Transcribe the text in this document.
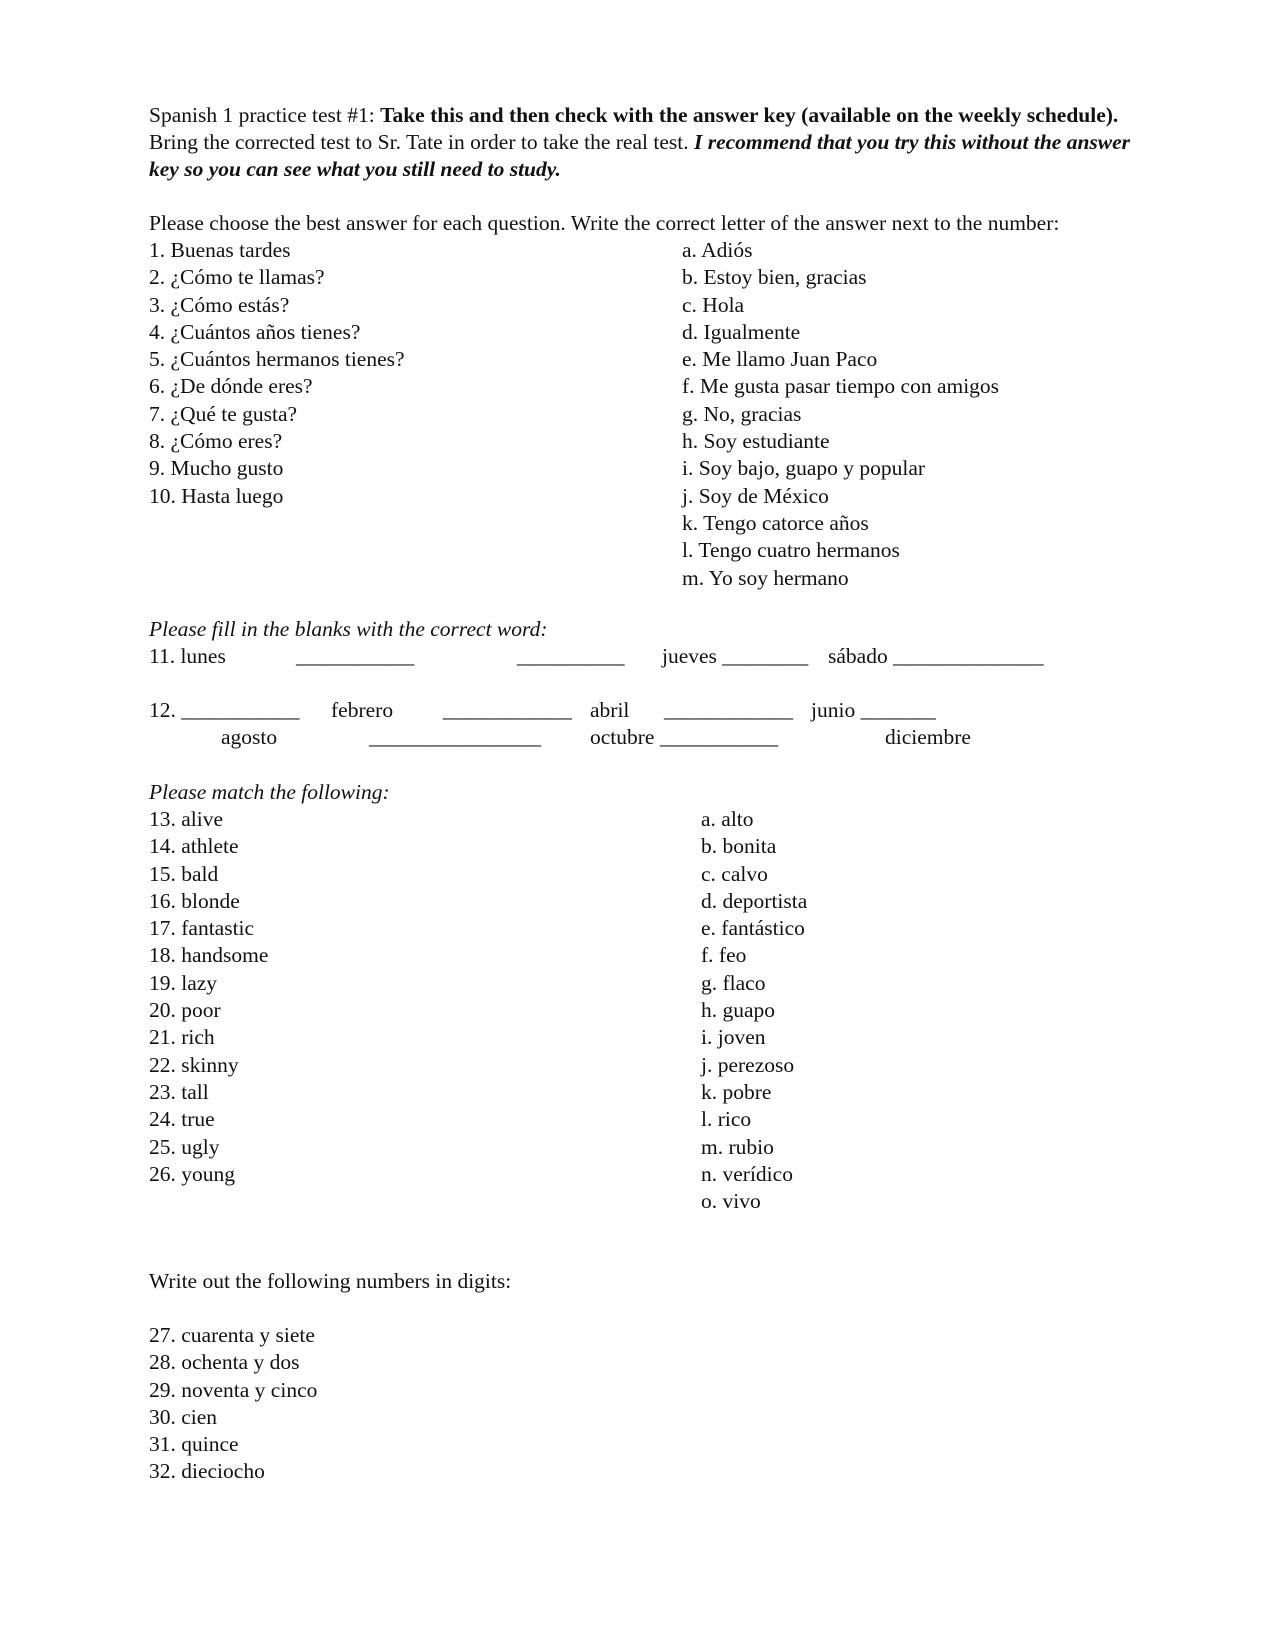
Spanish 1 practice test #1: Take this and then check with the answer key (available on the weekly schedule). Bring the corrected test to Sr. Tate in order to take the real test. I recommend that you try this without the answer key so you can see what you still need to study.
Please choose the best answer for each question. Write the correct letter of the answer next to the number:
1. Buenas tardes
2. ¿Cómo te llamas?
3. ¿Cómo estás?
4. ¿Cuántos años tienes?
5. ¿Cuántos hermanos tienes?
6. ¿De dónde eres?
7. ¿Qué te gusta?
8. ¿Cómo eres?
9. Mucho gusto
10. Hasta luego
a. Adiós
b. Estoy bien, gracias
c. Hola
d. Igualmente
e. Me llamo Juan Paco
f. Me gusta pasar tiempo con amigos
g. No, gracias
h. Soy estudiante
i. Soy bajo, guapo y popular
j. Soy de México
k. Tengo catorce años
l. Tengo cuatro hermanos
m. Yo soy hermano
Please fill in the blanks with the correct word:
11. lunes	___________	__________ jueves ________ sábado ______________
12. ___________ febrero ____________ abril ____________ junio _______
agosto	________________ octubre ___________	diciembre
Please match the following:
13. alive
14. athlete
15. bald
16. blonde
17. fantastic
18. handsome
19. lazy
20. poor
21. rich
22. skinny
23. tall
24. true
25. ugly
26. young
a. alto
b. bonita
c. calvo
d. deportista
e. fantástico
f. feo
g. flaco
h. guapo
i. joven
j. perezoso
k. pobre
l. rico
m. rubio
n. verídico
o. vivo
Write out the following numbers in digits:
27. cuarenta y siete
28. ochenta y dos
29. noventa y cinco
30. cien
31. quince
32. dieciocho
